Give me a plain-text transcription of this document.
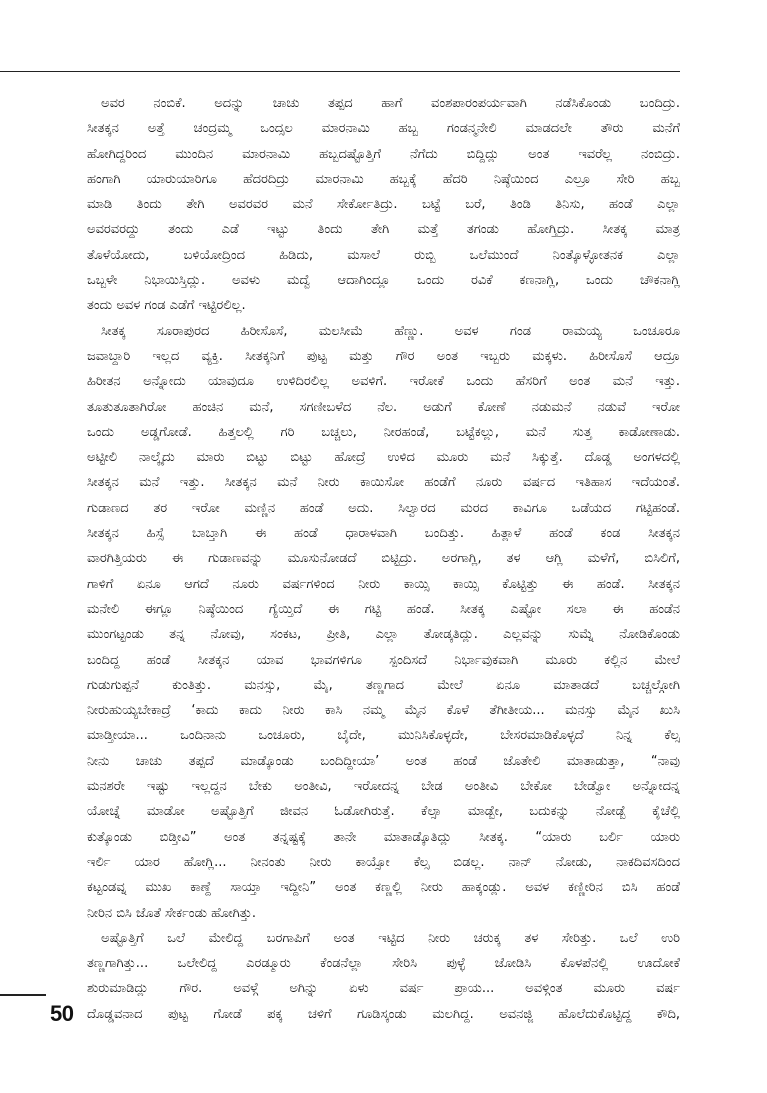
ಅವರ ನಂಬಿಕೆ. ಅದನ್ನು ಚಾಚು ತಪ್ಪದ ಹಾಗೆ ವಂಶಪಾರಂಪರ್ಯವಾಗಿ ನಡೆಸಿಕೊಂಡು ಬಂದಿದ್ರು.
ಸೀತಕ್ಕನ ಅತ್ತೆ ಚಂದ್ರಮ್ಮ ಒಂದ್ಸಲ ಮಾರನಾಮಿ ಹಬ್ಬ ಗಂಡನ್ಮನೇಲಿ ಮಾಡದಲೇ ತೌರು ಮನೆಗೆ
ಹೋಗಿದ್ದರಿಂದ ಮುಂದಿನ ಮಾರನಾಮಿ ಹಬ್ಬದಷ್ಟೊತ್ತಿಗೆ ನೆಗೆದು ಬಿದ್ದಿದ್ಲು ಅಂತ ಇವರೆಲ್ಲ ನಂಬಿದ್ರು.
ಹಂಗಾಗಿ ಯಾರುಯಾರಿಗೂ ಹೆದರದಿದ್ರು ಮಾರನಾಮಿ ಹಬ್ಬಕ್ಕೆ ಹೆದರಿ ನಿಷ್ಠೆಯಿಂದ ಎಲ್ರೂ ಸೇರಿ ಹಬ್ಬ
ಮಾಡಿ ತಿಂದು ತೇಗಿ ಅವರವರ ಮನೆ ಸೇರ್ಕೋತಿದ್ರು. ಬಟ್ಟೆ ಬರೆ, ತಿಂಡಿ ತಿನಿಸು, ಹಂಡೆ ಎಲ್ಲಾ
ಅವರವರದ್ದು ತಂದು ಎಡೆ ಇಟ್ಟು ತಿಂದು ತೇಗಿ ಮತ್ತೆ ತಗಂಡು ಹೋಗ್ತಿದ್ರು. ಸೀತಕ್ಕ ಮಾತ್ರ
ತೊಳೆಯೋದು, ಬಳಿಯೋದ್ರಿಂದ ಹಿಡಿದು, ಮಸಾಲೆ ರುಬ್ಬಿ ಒಲೆಮುಂದೆ ನಿಂತ್ಕೊಳ್ಳೋತನಕ ಎಲ್ಲಾ
ಒಬ್ಬಳೇ ನಿಭಾಯಿಸ್ತಿದ್ಲು. ಅವಳು ಮದ್ವೆ ಆದಾಗಿಂದ್ಲೂ ಒಂದು ರವಿಕೆ ಕಣನಾಗ್ಲಿ, ಒಂದು ಚೌಕನಾಗ್ಲಿ
ತಂದು ಅವಳ ಗಂಡ ಎಡೆಗೆ ಇಟ್ಟಿರಲಿಲ್ಲ.
ಸೀತಕ್ಕ ಸೂರಾಪುರದ ಹಿರೀಸೊಸೆ, ಮಲಸೀಮೆ ಹೆಣ್ಣು. ಅವಳ ಗಂಡ ರಾಮಯ್ಯ ಒಂಚೂರೂ
ಜವಾಬ್ದಾರಿ ಇಲ್ಲದ ವ್ಯಕ್ತಿ. ಸೀತಕ್ಕನಿಗೆ ಪುಟ್ಟ ಮತ್ತು ಗೌರ ಅಂತ ಇಬ್ಬರು ಮಕ್ಕಳು. ಹಿರೀಸೊಸೆ ಆದ್ರೂ
ಹಿರೀತನ ಅನ್ನೋದು ಯಾವುದೂ ಉಳಿದಿರಲಿಲ್ಲ ಅವಳಿಗೆ. ಇರೋಕೆ ಒಂದು ಹೆಸರಿಗೆ ಅಂತ ಮನೆ ಇತ್ತು.
ತೂತುತೂತಾಗಿರೋ ಹಂಚಿನ ಮನೆ, ಸಗಣೀಬಳೆದ ನೆಲ. ಅಡುಗೆ ಕೋಣೆ ನಡುಮನೆ ನಡುವೆ ಇರೋ
ಒಂದು ಅಡ್ಡಗೋಡೆ. ಹಿತ್ತಲಲ್ಲಿ ಗರಿ ಬಚ್ಚಲು, ನೀರಹಂಡೆ, ಬಟ್ಟೆಕಲ್ಲು, ಮನೆ ಸುತ್ತ ಕಾಡೋಣಾಡು.
ಅಟ್ಟೀಲಿ ನಾಲ್ಕೈದು ಮಾರು ಬಿಟ್ಟು ಬಿಟ್ಟು ಹೋದ್ರೆ ಉಳಿದ ಮೂರು ಮನೆ ಸಿಕ್ಕುತ್ತೆ. ದೊಡ್ಡ ಅಂಗಳದಲ್ಲಿ
ಸೀತಕ್ಕನ ಮನೆ ಇತ್ತು. ಸೀತಕ್ಕನ ಮನೆ ನೀರು ಕಾಯಿಸೋ ಹಂಡೆಗೆ ನೂರು ವರ್ಷದ ಇತಿಹಾಸ ಇದೆಯಂತೆ.
ಗುಡಾಣದ ತರ ಇರೋ ಮಣ್ಣಿನ ಹಂಡೆ ಅದು. ಸಿಲ್ವಾರದ ಮರದ ಕಾವಿಗೂ ಒಡೆಯದ ಗಟ್ಟಿಹಂಡೆ.
ಸೀತಕ್ಕನ ಹಿಸ್ಸೆ ಬಾಬ್ತಾಗಿ ಈ ಹಂಡೆ ಧಾರಾಳವಾಗಿ ಬಂದಿತ್ತು. ಹಿತ್ಲಾಳೆ ಹಂಡೆ ಕಂಡ ಸೀತಕ್ಕನ
ವಾರಗಿತ್ತಿಯರು ಈ ಗುಡಾಣವನ್ನು ಮೂಸುನೋಡದೆ ಬಿಟ್ಟಿದ್ರು. ಅರಗಾಗ್ಲಿ, ತಳ ಆಗ್ಲಿ ಮಳೆಗೆ, ಬಿಸಿಲಿಗೆ,
ಗಾಳಿಗೆ ಏನೂ ಆಗದೆ ನೂರು ವರ್ಷಗಳಿಂದ ನೀರು ಕಾಯ್ಸಿ ಕಾಯ್ಸಿ ಕೊಟ್ಟಿತ್ತು ಈ ಹಂಡೆ. ಸೀತಕ್ಕನ
ಮನೇಲಿ ಈಗ್ಲೂ ನಿಷ್ಠೆಯಿಂದ ಗ್ಯೆಯ್ತಿದೆ ಈ ಗಟ್ಟಿ ಹಂಡೆ. ಸೀತಕ್ಕ ಎಷ್ಟೋ ಸಲಾ ಈ ಹಂಡೆನ
ಮುಂಗಟ್ಟಂಡು ತನ್ನ ನೋವು, ಸಂಕಟ, ಪ್ರೀತಿ, ಎಲ್ಲಾ ತೋಡ್ಕತಿದ್ಲು. ಎಲ್ಲವನ್ನು ಸುಮ್ನೆ ನೋಡಿಕೊಂಡು
ಬಂದಿದ್ದ ಹಂಡೆ ಸೀತಕ್ಕನ ಯಾವ ಭಾವಗಳಿಗೂ ಸ್ಪಂದಿಸದೆ ನಿರ್ಭಾವುಕವಾಗಿ ಮೂರು ಕಲ್ಲಿನ ಮೇಲೆ
ಗುಡುಗುಪ್ಪನೆ ಕುಂತಿತ್ತು. ಮನಸ್ಸು, ಮೈ, ತಣ್ಣಗಾದ ಮೇಲೆ ಏನೂ ಮಾತಾಡದೆ ಬಚ್ಚಲ್ಗೋಗಿ
ನೀರುಹುಯ್ಯಬೇಕಾದ್ರೆ ‘ಕಾದು ಕಾದು ನೀರು ಕಾಸಿ ನಮ್ಮ ಮೈನ ಕೊಳೆ ತೆಗೀತೀಯ... ಮನಸ್ಸು ಮೈನ ಖುಸಿ
ಮಾಡ್ತೀಯಾ... ಒಂದಿನಾನು ಒಂಚೂರು, ಬೈದೇ, ಮುನಿಸಿಕೊಳ್ಳದೇ, ಬೇಸರಮಾಡಿಕೊಳ್ಳದೆ ನಿನ್ನ ಕೆಲ್ಸ
ನೀನು ಚಾಚು ತಪ್ಪದೆ ಮಾಡ್ಕೊಂಡು ಬಂದಿದ್ದೀಯಾ’ ಅಂತ ಹಂಡೆ ಜೊತೇಲಿ ಮಾತಾಡುತ್ತಾ, “ನಾವು
ಮನಶರೇ ಇಷ್ಟು ಇಲ್ಲದ್ದನ ಬೇಕು ಅಂತೀವಿ, ಇರೋದನ್ನ ಬೇಡ ಅಂತೀವಿ ಬೇಕೋ ಬೇಡ್ವೋ ಅನ್ನೋದನ್ನ
ಯೋಚ್ನೆ ಮಾಡೋ ಅಷ್ಟೊತ್ತಿಗೆ ಜೀವನ ಓಡೋಗಿರುತ್ತೆ. ಕೆಲ್ಸಾ ಮಾಡ್ಬೇ, ಬದುಕನ್ನು ನೋಡ್ಬೆ ಕೈಚೆಲ್ಲಿ
ಕುತ್ಕೊಂಡು ಬಿಡ್ತೀವಿ” ಅಂತ ತನ್ನಷ್ಟಕ್ಕೆ ತಾನೇ ಮಾತಾಡ್ಕೊತಿದ್ಲು ಸೀತಕ್ಕ. “ಯಾರು ಬರ್ಲಿ ಯಾರು
ಇರ್ಲಿ ಯಾರ ಹೋಗ್ಲಿ... ನೀನಂತು ನೀರು ಕಾಯ್ಸೋ ಕೆಲ್ಸ ಬಿಡಲ್ಲ. ನಾನ್ ನೋಡು, ನಾಕದಿವಸದಿಂದ
ಕಟ್ಟಂಡವ್ನ ಮುಖ ಕಾಣ್ದೆ ಸಾಯ್ತಾ ಇದ್ದೀನಿ” ಅಂತ ಕಣ್ಣಲ್ಲಿ ನೀರು ಹಾಕ್ಕಂಡ್ಲು. ಅವಳ ಕಣ್ಣೀರಿನ ಬಿಸಿ ಹಂಡೆ
ನೀರಿನ ಬಿಸಿ ಜೊತೆ ಸೇರ್ಕಂಡು ಹೋಗಿತ್ತು.
ಅಷ್ಟೊತ್ತಿಗೆ ಒಲೆ ಮೇಲಿದ್ದ ಬರಗಾಪಿಗೆ ಅಂತ ಇಟ್ಟಿದ ನೀರು ಚರುಕ್ಕ ತಳ ಸೇರಿತ್ತು. ಒಲೆ ಉರಿ
ತಣ್ಣಗಾಗಿತ್ತು... ಒಲೇಲಿದ್ದ ಎರಡ್ಮೂರು ಕೆಂಡನೆಲ್ಲಾ ಸೇರಿಸಿ ಪುಳ್ಳೆ ಜೋಡಿಸಿ ಕೊಳಪೆನಲ್ಲಿ ಊದೋಕೆ
ಶುರುಮಾಡಿದ್ಲು ಗೌರ. ಅವಳ್ಗೆ ಅಗಿನ್ನು ಏಳು ವರ್ಷ ಪ್ರಾಯ... ಅವಳ್ಗಿಂತ ಮೂರು ವರ್ಷ
ದೊಡ್ಡವನಾದ ಪುಟ್ಟ ಗೋಡೆ ಪಕ್ಕ ಚಳಿಗೆ ಗೂಡಿಸ್ಕಂಡು ಮಲಗಿದ್ದ. ಅವನಜ್ಜಿ ಹೊಲೆದುಕೊಟ್ಟಿದ್ದ ಕೌದಿ,
50
